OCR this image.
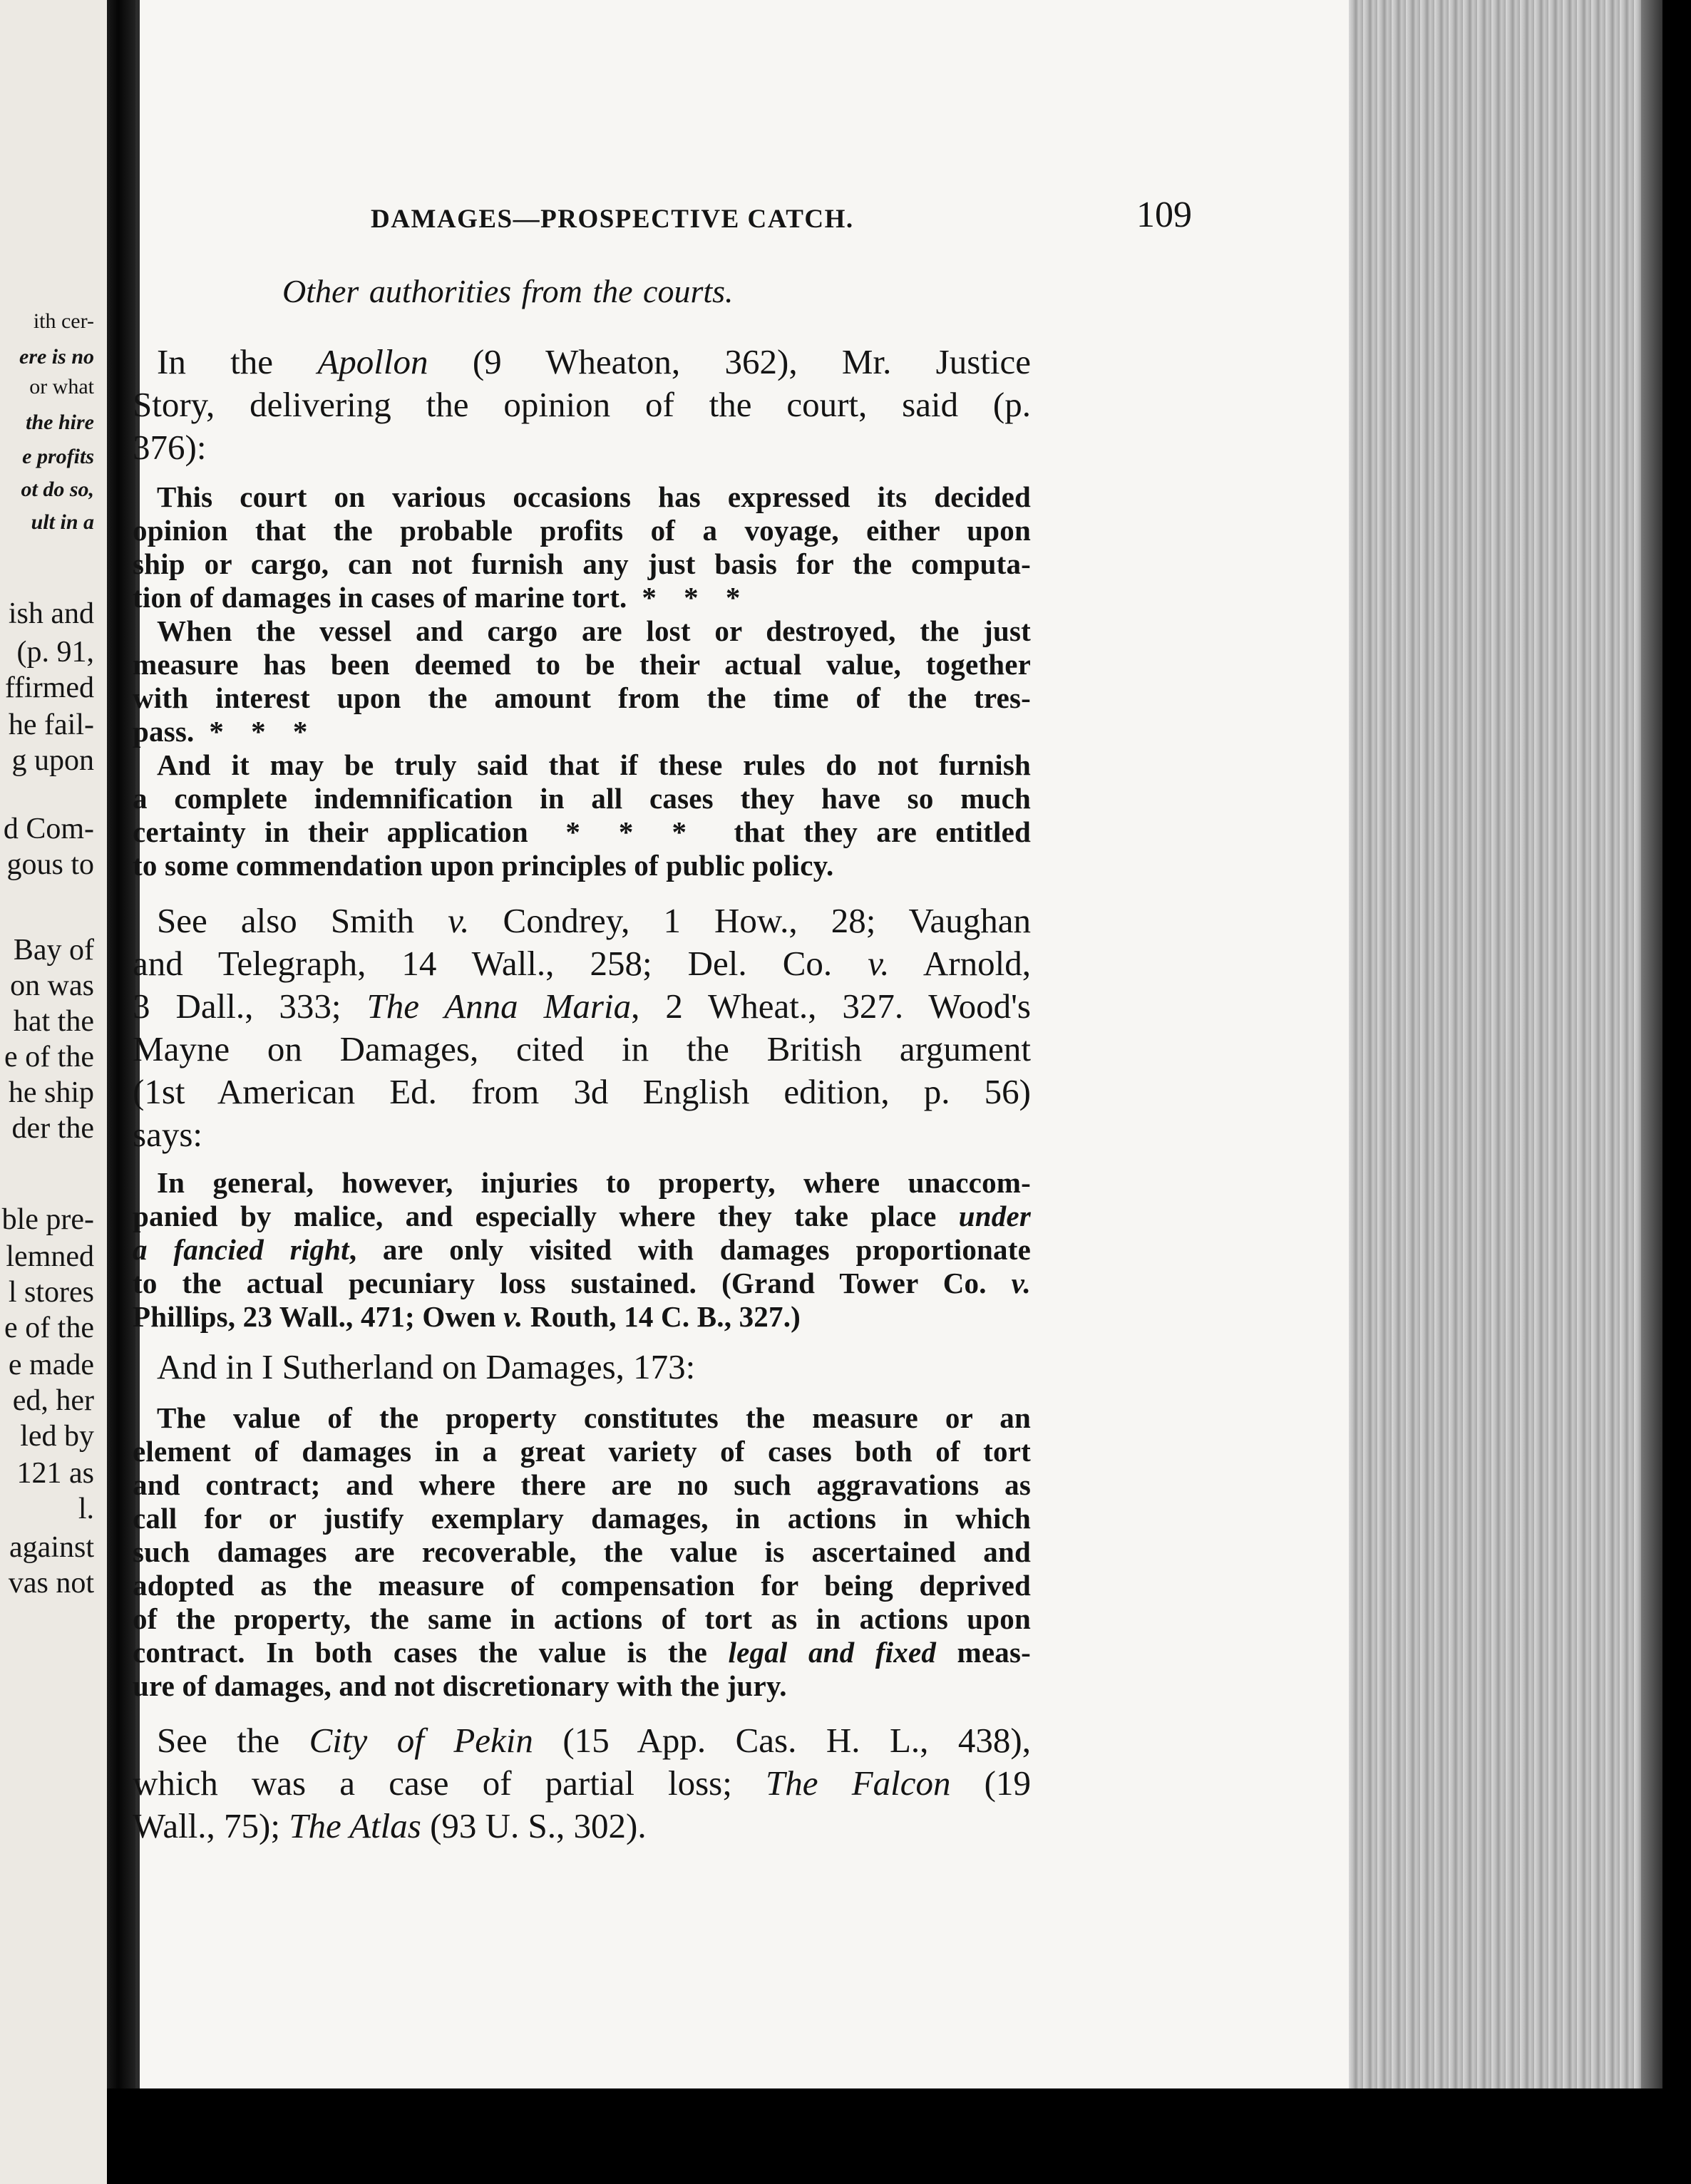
ith cer-
ere is no
or what
the hire
e profits
ot do so,
ult in a
ish and
(p. 91,
ffirmed
he fail-
g upon
d Com-
gous to
Bay of
on was
hat the
e of the
he ship
der the
ble pre-
lemned
l stores
e of the
e made
ed, her
led by
121 as
l.
against
vas not
DAMAGES—PROSPECTIVE CATCH.	109
Other authorities from the courts.
In the Apollon (9 Wheaton, 362), Mr. Justice
Story, delivering the opinion of the court, said (p.
376):
This court on various occasions has expressed its decided
opinion that the probable profits of a voyage, either upon
ship or cargo, can not furnish any just basis for the computa-
tion of damages in cases of marine tort. * * *
When the vessel and cargo are lost or destroyed, the just
measure has been deemed to be their actual value, together
with interest upon the amount from the time of the tres-
pass. * * *
And it may be truly said that if these rules do not furnish
a complete indemnification in all cases they have so much
certainty in their application * * * that they are entitled
to some commendation upon principles of public policy.
See also Smith v. Condrey, 1 How., 28; Vaughan
and Telegraph, 14 Wall., 258; Del. Co. v. Arnold,
3 Dall., 333; The Anna Maria, 2 Wheat., 327. Wood's
Mayne on Damages, cited in the British argument
(1st American Ed. from 3d English edition, p. 56)
says:
In general, however, injuries to property, where unaccom-
panied by malice, and especially where they take place under
a fancied right, are only visited with damages proportionate
to the actual pecuniary loss sustained. (Grand Tower Co. v.
Phillips, 23 Wall., 471; Owen v. Routh, 14 C. B., 327.)
And in I Sutherland on Damages, 173:
The value of the property constitutes the measure or an
element of damages in a great variety of cases both of tort
and contract; and where there are no such aggravations as
call for or justify exemplary damages, in actions in which
such damages are recoverable, the value is ascertained and
adopted as the measure of compensation for being deprived
of the property, the same in actions of tort as in actions upon
contract. In both cases the value is the legal and fixed meas-
ure of damages, and not discretionary with the jury.
See the City of Pekin (15 App. Cas. H. L., 438),
which was a case of partial loss; The Falcon (19
Wall., 75); The Atlas (93 U. S., 302).
